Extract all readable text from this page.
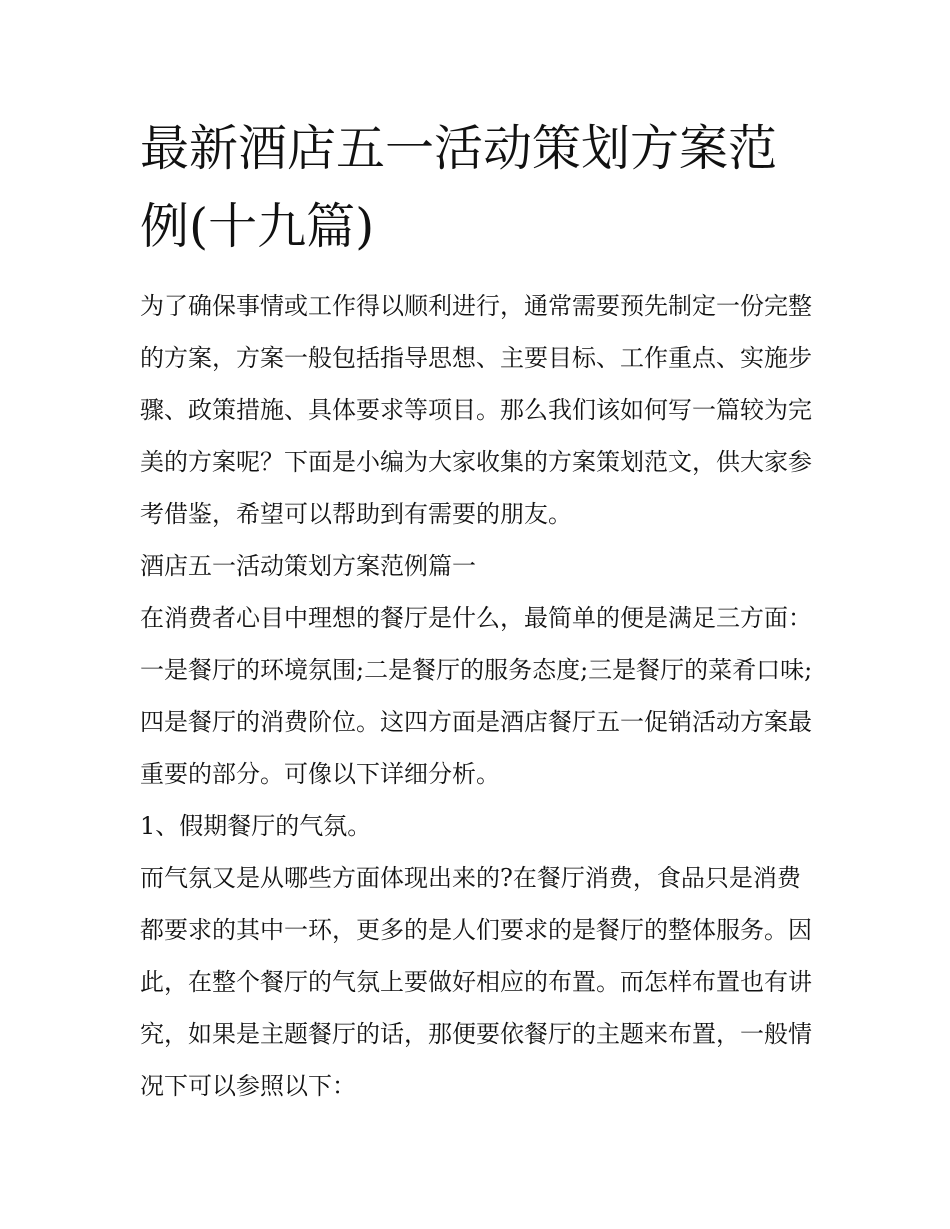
最新酒店五一活动策划方案范例(十九篇)

为了确保事情或工作得以顺利进行，通常需要预先制定一份完整的方案，方案一般包括指导思想、主要目标、工作重点、实施步骤、政策措施、具体要求等项目。那么我们该如何写一篇较为完美的方案呢？下面是小编为大家收集的方案策划范文，供大家参考借鉴，希望可以帮助到有需要的朋友。

酒店五一活动策划方案范例篇一

在消费者心目中理想的餐厅是什么，最简单的便是满足三方面：一是餐厅的环境氛围;二是餐厅的服务态度;三是餐厅的菜肴口味;四是餐厅的消费阶位。这四方面是酒店餐厅五一促销活动方案最重要的部分。可像以下详细分析。

1、假期餐厅的气氛。

而气氛又是从哪些方面体现出来的?在餐厅消费，食品只是消费都要求的其中一环，更多的是人们要求的是餐厅的整体服务。因此，在整个餐厅的气氛上要做好相应的布置。而怎样布置也有讲究，如果是主题餐厅的话，那便要依餐厅的主题来布置，一般情况下可以参照以下：
